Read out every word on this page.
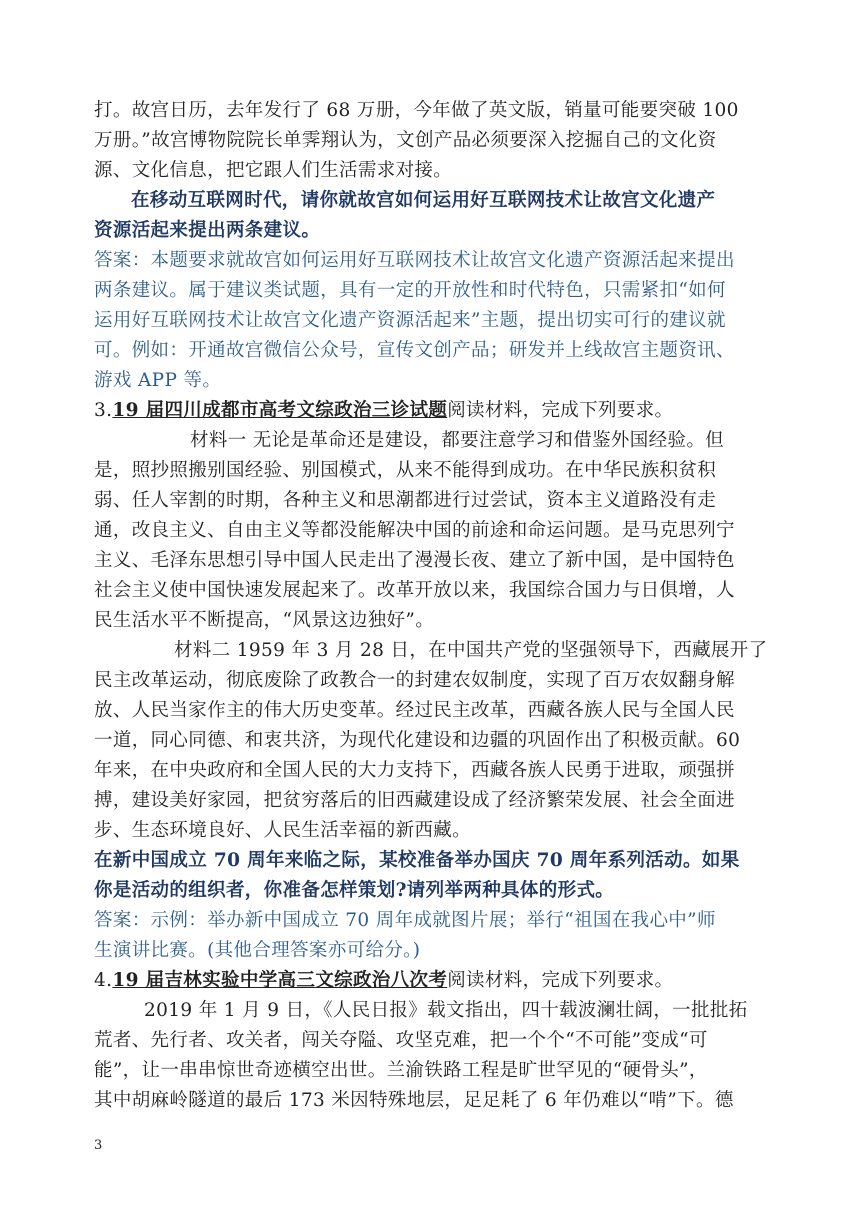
打。故宫日历，去年发行了 68 万册，今年做了英文版，销量可能要突破 100
万册。”故宫博物院院长单霁翔认为，文创产品必须要深入挖掘自己的文化资
源、文化信息，把它跟人们生活需求对接。
在移动互联网时代，请你就故宫如何运用好互联网技术让故宫文化遗产
资源活起来提出两条建议。
答案：本题要求就故宫如何运用好互联网技术让故宫文化遗产资源活起来提出
两条建议。属于建议类试题，具有一定的开放性和时代特色，只需紧扣“如何
运用好互联网技术让故宫文化遗产资源活起来”主题，提出切实可行的建议就
可。例如：开通故宫微信公众号，宣传文创产品；研发并上线故宫主题资讯、
游戏 APP 等。
3.19 届四川成都市高考文综政治三诊试题阅读材料，完成下列要求。
材料一 无论是革命还是建设，都要注意学习和借鉴外国经验。但
是，照抄照搬别国经验、别国模式，从来不能得到成功。在中华民族积贫积
弱、任人宰割的时期，各种主义和思潮都进行过尝试，资本主义道路没有走
通，改良主义、自由主义等都没能解决中国的前途和命运问题。是马克思列宁
主义、毛泽东思想引导中国人民走出了漫漫长夜、建立了新中国，是中国特色
社会主义使中国快速发展起来了。改革开放以来，我国综合国力与日俱增，人
民生活水平不断提高，“风景这边独好”。
材料二 1959 年 3 月 28 日，在中国共产党的坚强领导下，西藏展开了
民主改革运动，彻底废除了政教合一的封建农奴制度，实现了百万农奴翻身解
放、人民当家作主的伟大历史变革。经过民主改革，西藏各族人民与全国人民
一道，同心同德、和衷共济，为现代化建设和边疆的巩固作出了积极贡献。60
年来，在中央政府和全国人民的大力支持下，西藏各族人民勇于进取，顽强拼
搏，建设美好家园，把贫穷落后的旧西藏建设成了经济繁荣发展、社会全面进
步、生态环境良好、人民生活幸福的新西藏。
在新中国成立 70 周年来临之际，某校准备举办国庆 70 周年系列活动。如果
你是活动的组织者，你准备怎样策划?请列举两种具体的形式。
答案：示例：举办新中国成立 70 周年成就图片展；举行“祖国在我心中”师
生演讲比赛。(其他合理答案亦可给分。)
4.19 届吉林实验中学高三文综政治八次考阅读材料，完成下列要求。
2019 年 1 月 9 日，《人民日报》载文指出，四十载波澜壮阔，一批批拓
荒者、先行者、攻关者，闯关夺隘、攻坚克难，把一个个“不可能”变成“可
能”，让一串串惊世奇迹横空出世。兰渝铁路工程是旷世罕见的“硬骨头”，
其中胡麻岭隧道的最后 173 米因特殊地层，足足耗了 6 年仍难以“啃”下。德
3
